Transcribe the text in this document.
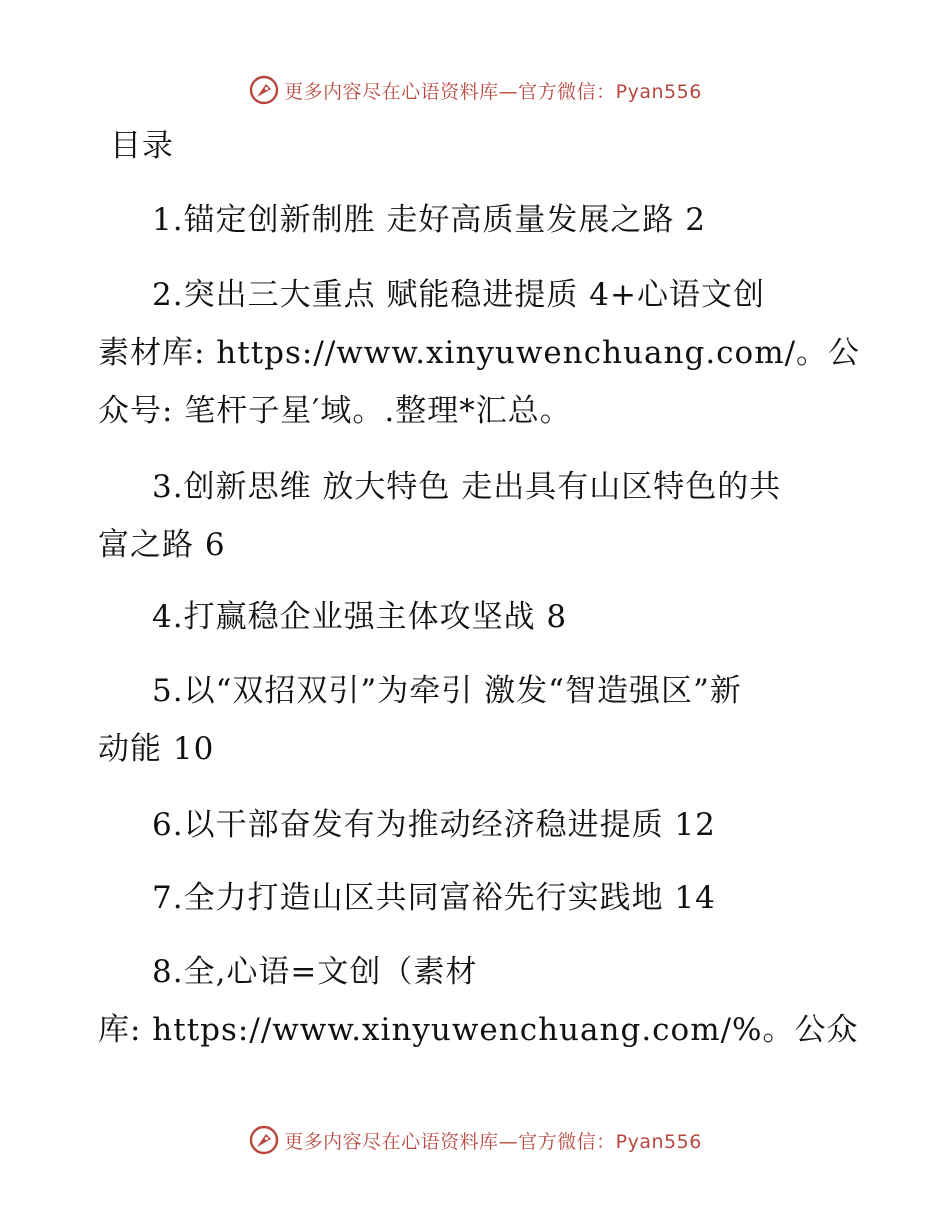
更多内容尽在心语资料库—官方微信：Pyan556
目录
1.锚定创新制胜 走好高质量发展之路 2
2.突出三大重点 赋能稳进提质 4+心语文创
素材库: https://www.xinyuwenchuang.com/。公
众号: 笔杆子星′域。.整理*汇总。
3.创新思维 放大特色 走出具有山区特色的共
富之路 6
4.打赢稳企业强主体攻坚战 8
5.以“双招双引”为牵引 激发“智造强区”新
动能 10
6.以干部奋发有为推动经济稳进提质 12
7.全力打造山区共同富裕先行实践地 14
8.全,心语=文创（素材
库: https://www.xinyuwenchuang.com/%。公众
更多内容尽在心语资料库—官方微信：Pyan556
